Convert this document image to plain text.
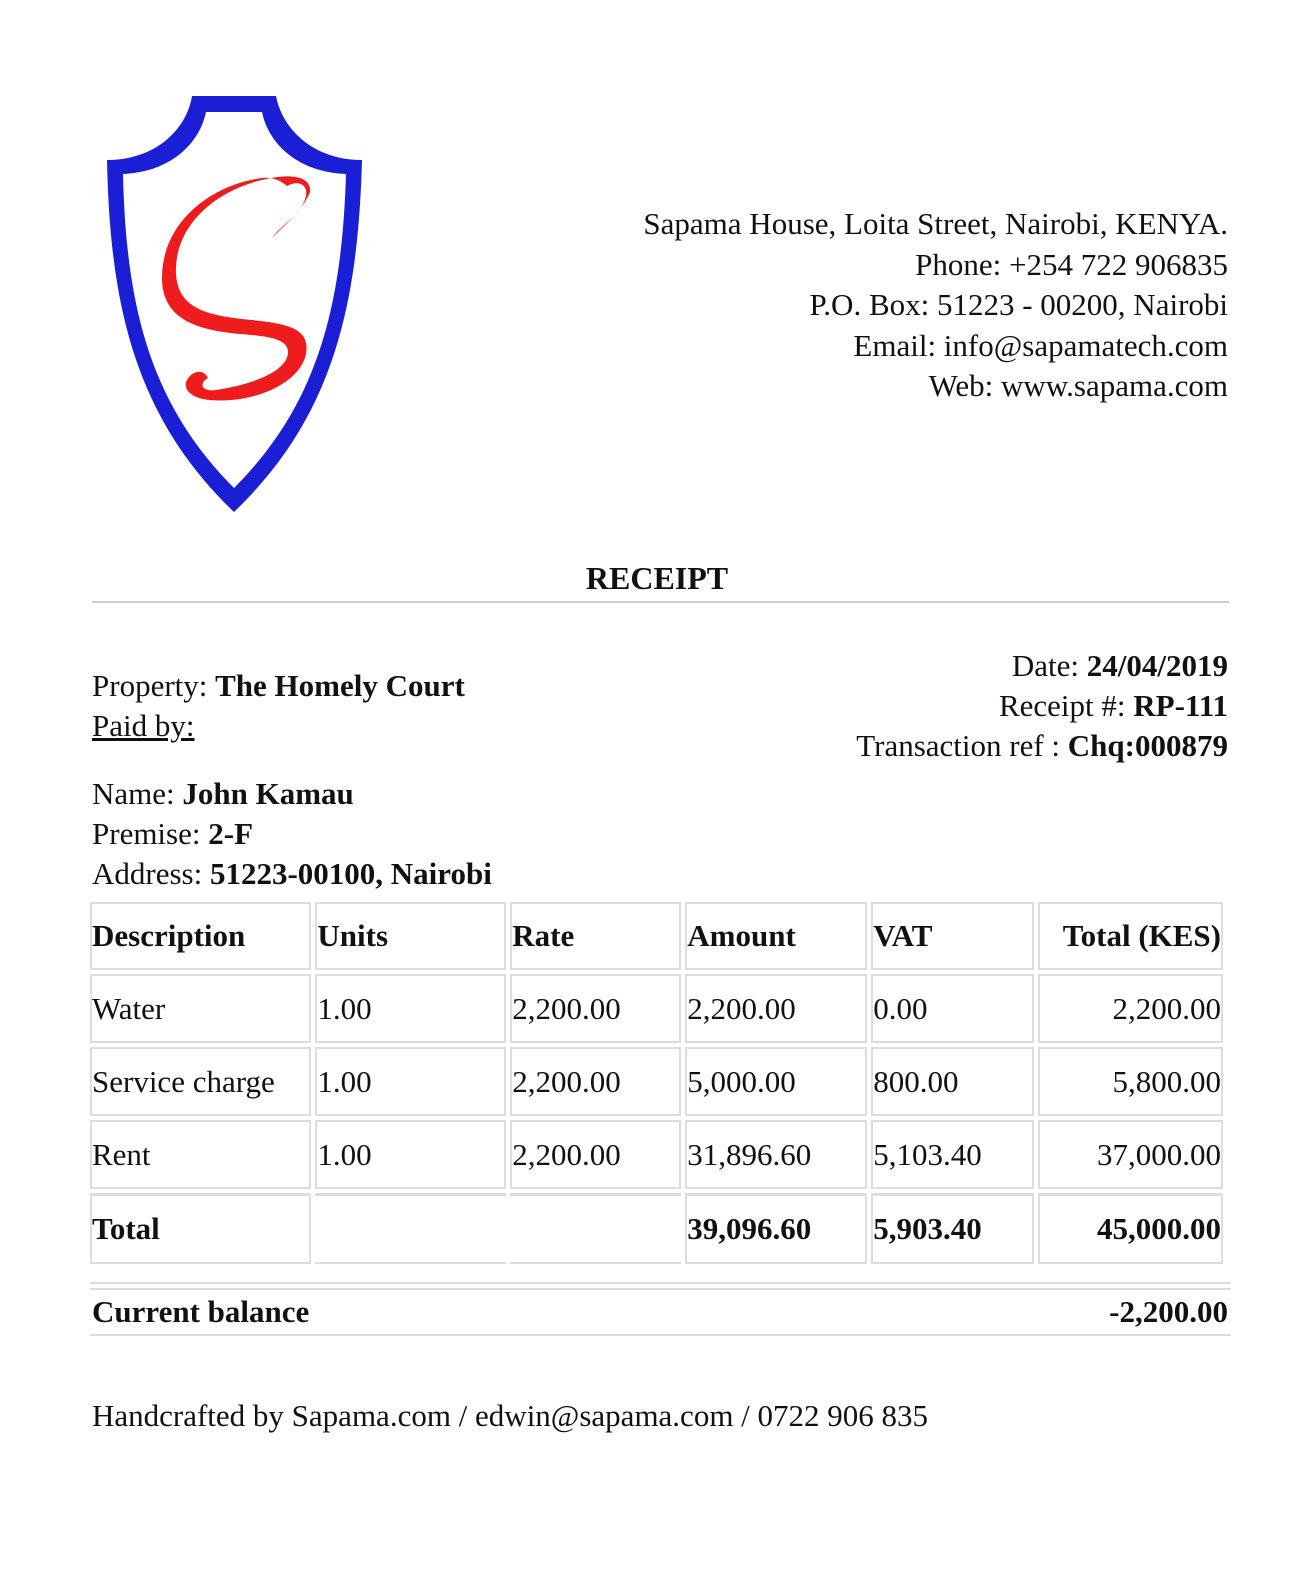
Sapama House, Loita Street, Nairobi, KENYA.
Phone: +254 722 906835
P.O. Box: 51223 - 00200, Nairobi
Email: info@sapamatech.com
Web: www.sapama.com
RECEIPT
Property: The Homely Court
Paid by:
Date: 24/04/2019
Receipt #: RP-111
Transaction ref : Chq:000879
Name: John Kamau
Premise: 2-F
Address: 51223-00100, Nairobi
Description	Units	Rate	Amount	VAT	Total (KES)
Water	1.00	2,200.00	2,200.00	0.00	2,200.00
Service charge	1.00	2,200.00	5,000.00	800.00	5,800.00
Rent	1.00	2,200.00	31,896.60	5,103.40	37,000.00
Total			39,096.60	5,903.40	45,000.00
Current balance	-2,200.00
Handcrafted by Sapama.com / edwin@sapama.com / 0722 906 835
